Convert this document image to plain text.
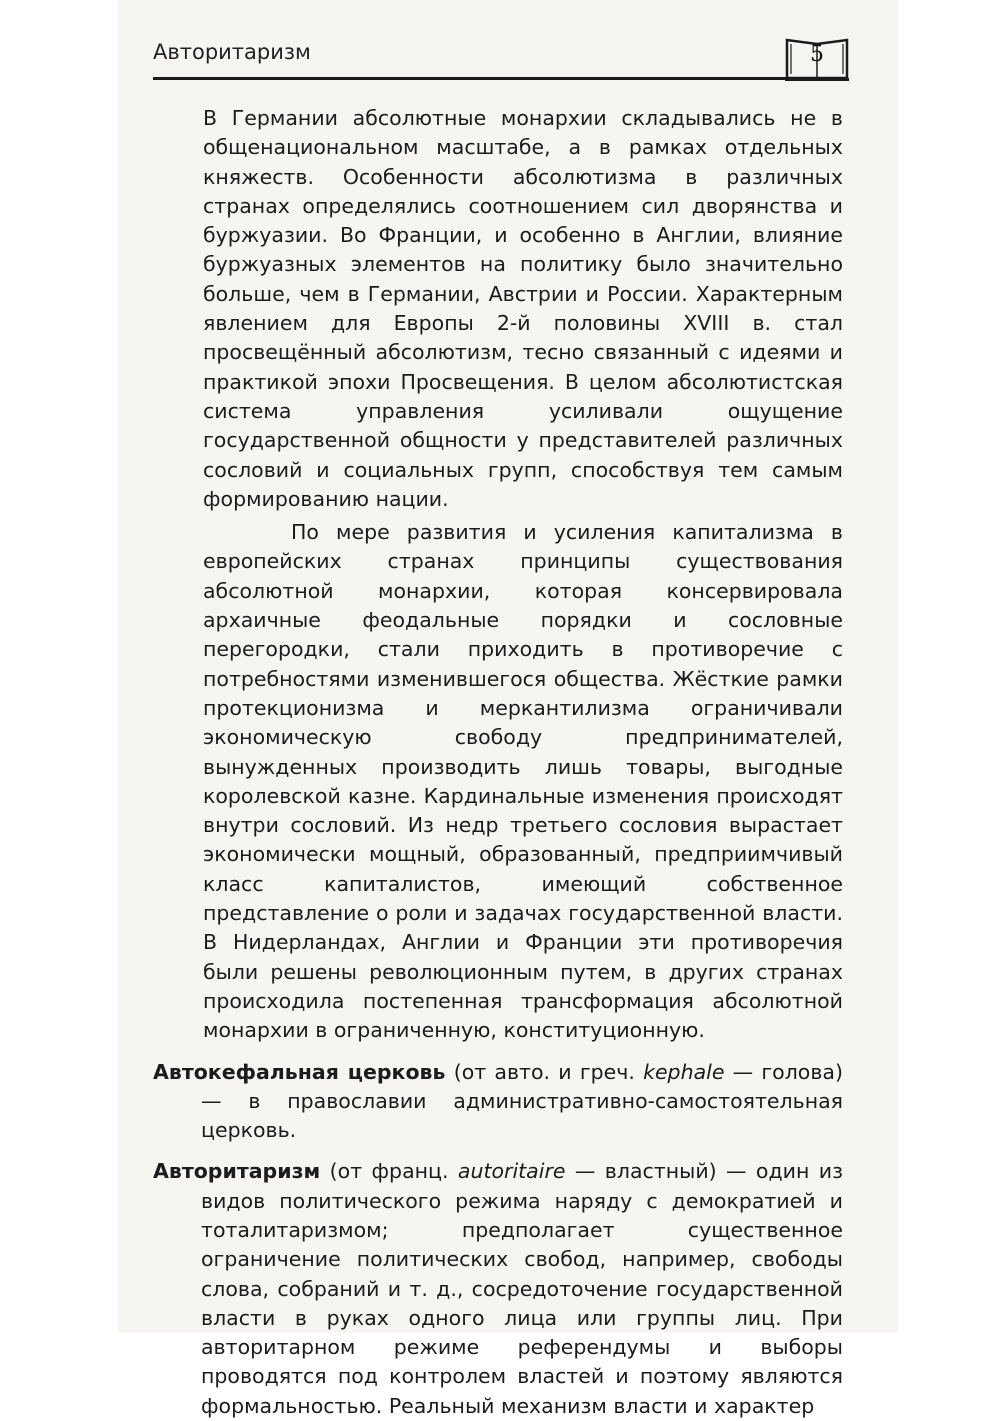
Авторитаризм	5

В Германии абсолютные монархии складывались не в общенациональном масштабе, а в рамках отдельных княжеств. Особенности абсолютизма в различных странах определялись соотношением сил дворянства и буржуазии. Во Франции, и особенно в Англии, влияние буржуазных элементов на политику было значительно больше, чем в Германии, Австрии и России. Характерным явлением для Европы 2-й половины XVIII в. стал просвещённый абсолютизм, тесно связанный с идеями и практикой эпохи Просвещения. В целом абсолютистская система управления усиливали ощущение государственной общности у представителей различных сословий и социальных групп, способствуя тем самым формированию нации.

По мере развития и усиления капитализма в европейских странах принципы существования абсолютной монархии, которая консервировала архаичные феодальные порядки и сословные перегородки, стали приходить в противоречие с потребностями изменившегося общества. Жёсткие рамки протекционизма и меркантилизма ограничивали экономическую свободу предпринимателей, вынужденных производить лишь товары, выгодные королевской казне. Кардинальные изменения происходят внутри сословий. Из недр третьего сословия вырастает экономически мощный, образованный, предприимчивый класс капиталистов, имеющий собственное представление о роли и задачах государственной власти. В Нидерландах, Англии и Франции эти противоречия были решены революционным путем, в других странах происходила постепенная трансформация абсолютной монархии в ограниченную, конституционную.

Автокефальная церковь (от авто. и греч. kephale — голова) — в православии административно-самостоятельная церковь.

Авторитаризм (от франц. autoritaire — властный) — один из видов политического режима наряду с демократией и тоталитаризмом; предполагает существенное ограничение политических свобод, например, свободы слова, собраний и т. д., сосредоточение государственной власти в руках одного лица или группы лиц. При авторитарном режиме референдумы и выборы проводятся под контролем властей и поэтому являются формальностью. Реальный механизм власти и характер
